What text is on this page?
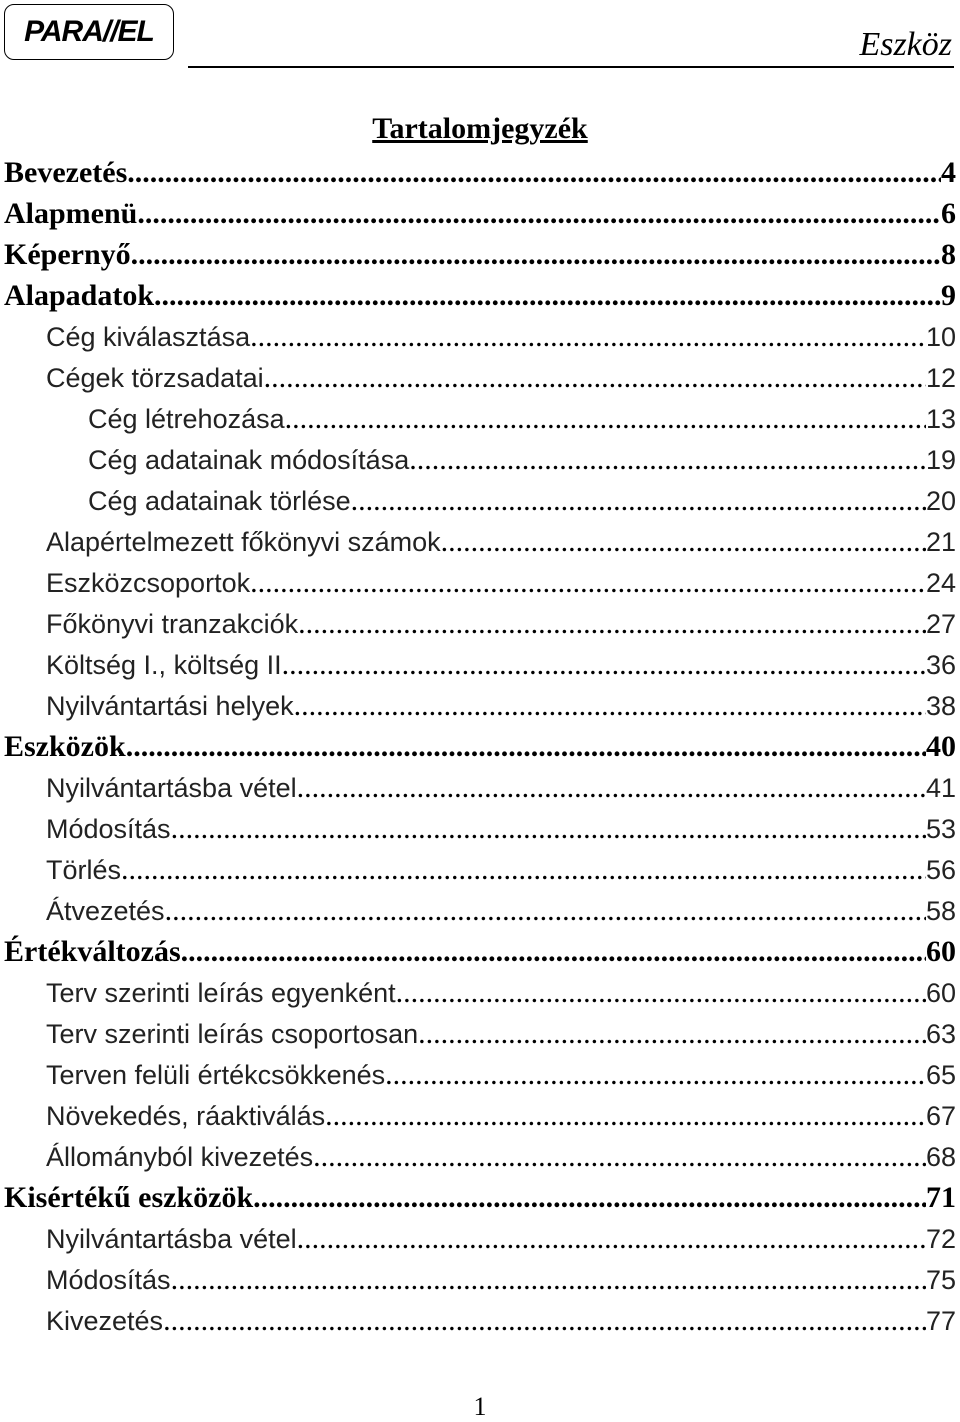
PARA//EL	Eszköz
Tartalomjegyzék
Bevezetés .....	4
Alapmenü .....	6
Képernyő .....	8
Alapadatok .....	9
Cég kiválasztása .....	10
Cégek törzsadatai .....	12
Cég létrehozása .....	13
Cég adatainak módosítása .....	19
Cég adatainak törlése .....	20
Alapértelmezett főkönyvi számok .....	21
Eszközcsoportok .....	24
Főkönyvi tranzakciók .....	27
Költség I., költség II .....	36
Nyilvántartási helyek .....	38
Eszközök .....	40
Nyilvántartásba vétel .....	41
Módosítás .....	53
Törlés .....	56
Átvezetés .....	58
Értékváltozás .....	60
Terv szerinti leírás egyenként .....	60
Terv szerinti leírás csoportosan .....	63
Terven felüli értékcsökkenés .....	65
Növekedés, ráaktiválás .....	67
Állományból kivezetés .....	68
Kisértékű eszközök .....	71
Nyilvántartásba vétel .....	72
Módosítás .....	75
Kivezetés .....	77
1
